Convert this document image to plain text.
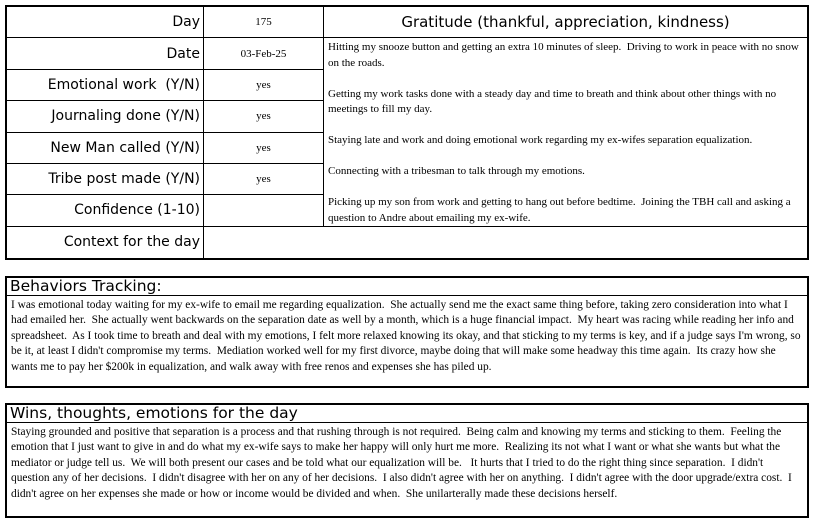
Day	175	Gratitude (thankful, appreciation, kindness)
Date	03-Feb-25

Hitting my snooze button and getting an extra 10 minutes of sleep.  Driving to work in peace with no snow on the roads.

Getting my work tasks done with a steady day and time to breath and think about other things with no meetings to fill my day.

Staying late and work and doing emotional work regarding my ex-wifes separation equalization.

Connecting with a tribesman to talk through my emotions.

Picking up my son from work and getting to hang out before bedtime.  Joining the TBH call and asking a question to Andre about emailing my ex-wife.

Emotional work  (Y/N)	yes
Journaling done (Y/N)	yes
New Man called (Y/N)	yes
Tribe post made (Y/N)	yes
Confidence (1-10)
Context for the day
Behaviors Tracking:
I was emotional today waiting for my ex-wife to email me regarding equalization.  She actually send me the exact same thing before, taking zero consideration into what I had emailed her.  She actually went backwards on the separation date as well by a month, which is a huge financial impact.  My heart was racing while reading her info and spreadsheet.  As I took time to breath and deal with my emotions, I felt more relaxed knowing its okay, and that sticking to my terms is key, and if a judge says I'm wrong, so be it, at least I didn't compromise my terms.  Mediation worked well for my first divorce, maybe doing that will make some headway this time again.  Its crazy how she wants me to pay her $200k in equalization, and walk away with free renos and expenses she has piled up.
Wins, thoughts, emotions for the day
Staying grounded and positive that separation is a process and that rushing through is not required.  Being calm and knowing my terms and sticking to them.  Feeling the emotion that I just want to give in and do what my ex-wife says to make her happy will only hurt me more.  Realizing its not what I want or what she wants but what the mediator or judge tell us.  We will both present our cases and be told what our equalization will be.   It hurts that I tried to do the right thing since separation.  I didn't question any of her decisions.  I didn't disagree with her on any of her decisions.  I also didn't agree with her on anything.  I didn't agree with the door upgrade/extra cost.  I didn't agree on her expenses she made or how or income would be divided and when.  She unilarterally made these decisions herself.
